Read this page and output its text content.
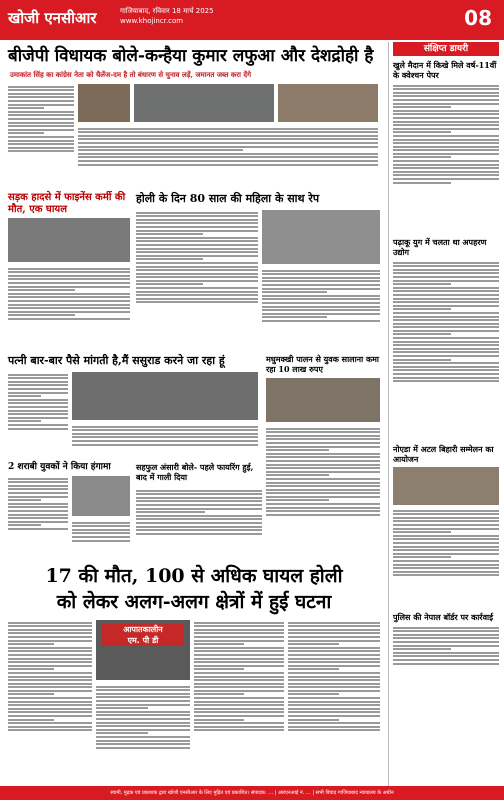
खोजी एनसीआर	गाजियाबाद, रविवार 18 मार्च 2025
www.khojincr.com	08
बीजेपी विधायक बोले-कन्हैया कुमार लफुआ और देशद्रोही है
उमाकांत सिंह का कांग्रेस नेता को चैलेंज-दम है तो बंधारण से चुनाव लड़ें, जमानत जब्त करा देंगे
सड़क हादसे में फाइनेंस कर्मी की मौत, एक घायल
होली के दिन 80 साल की महिला के साथ रेप
पत्नी बार-बार पैसे मांगती है,मैं ससुराड करने जा रहा हूं	मधुमक्खी पालन से युवक सालाना कमा रहा 10 लाख रुपए
2 शराबी युवकों ने किया हंगामा	सहफुल अंसारी बोले- पहले फायरिंग हुई, बाद में गाली दिया
17 की मौत, 100 से अधिक घायल होली
को लेकर अलग-अलग क्षेत्रों में हुई घटना
आपातकालीन
एम. पी डी
संक्षिप्त डायरी
खुले मैदान में किखे मिले वर्ष-11वीं के क्वेश्चन पेपर
पढ़ाकू युग में चलता था अपहरण उद्योग
नोएडा में अटल बिहारी सम्मेलन का आयोजन
पुलिस की नेपाल बॉर्डर पर कार्रवाई
स्वामी, मुद्रक एवं प्रकाशक द्वारा खोजी एनसीआर के लिए मुद्रित एवं प्रकाशित। संपादक: … | आरएनआई नं. … | सभी विवाद गाजियाबाद न्यायालय के अधीन
